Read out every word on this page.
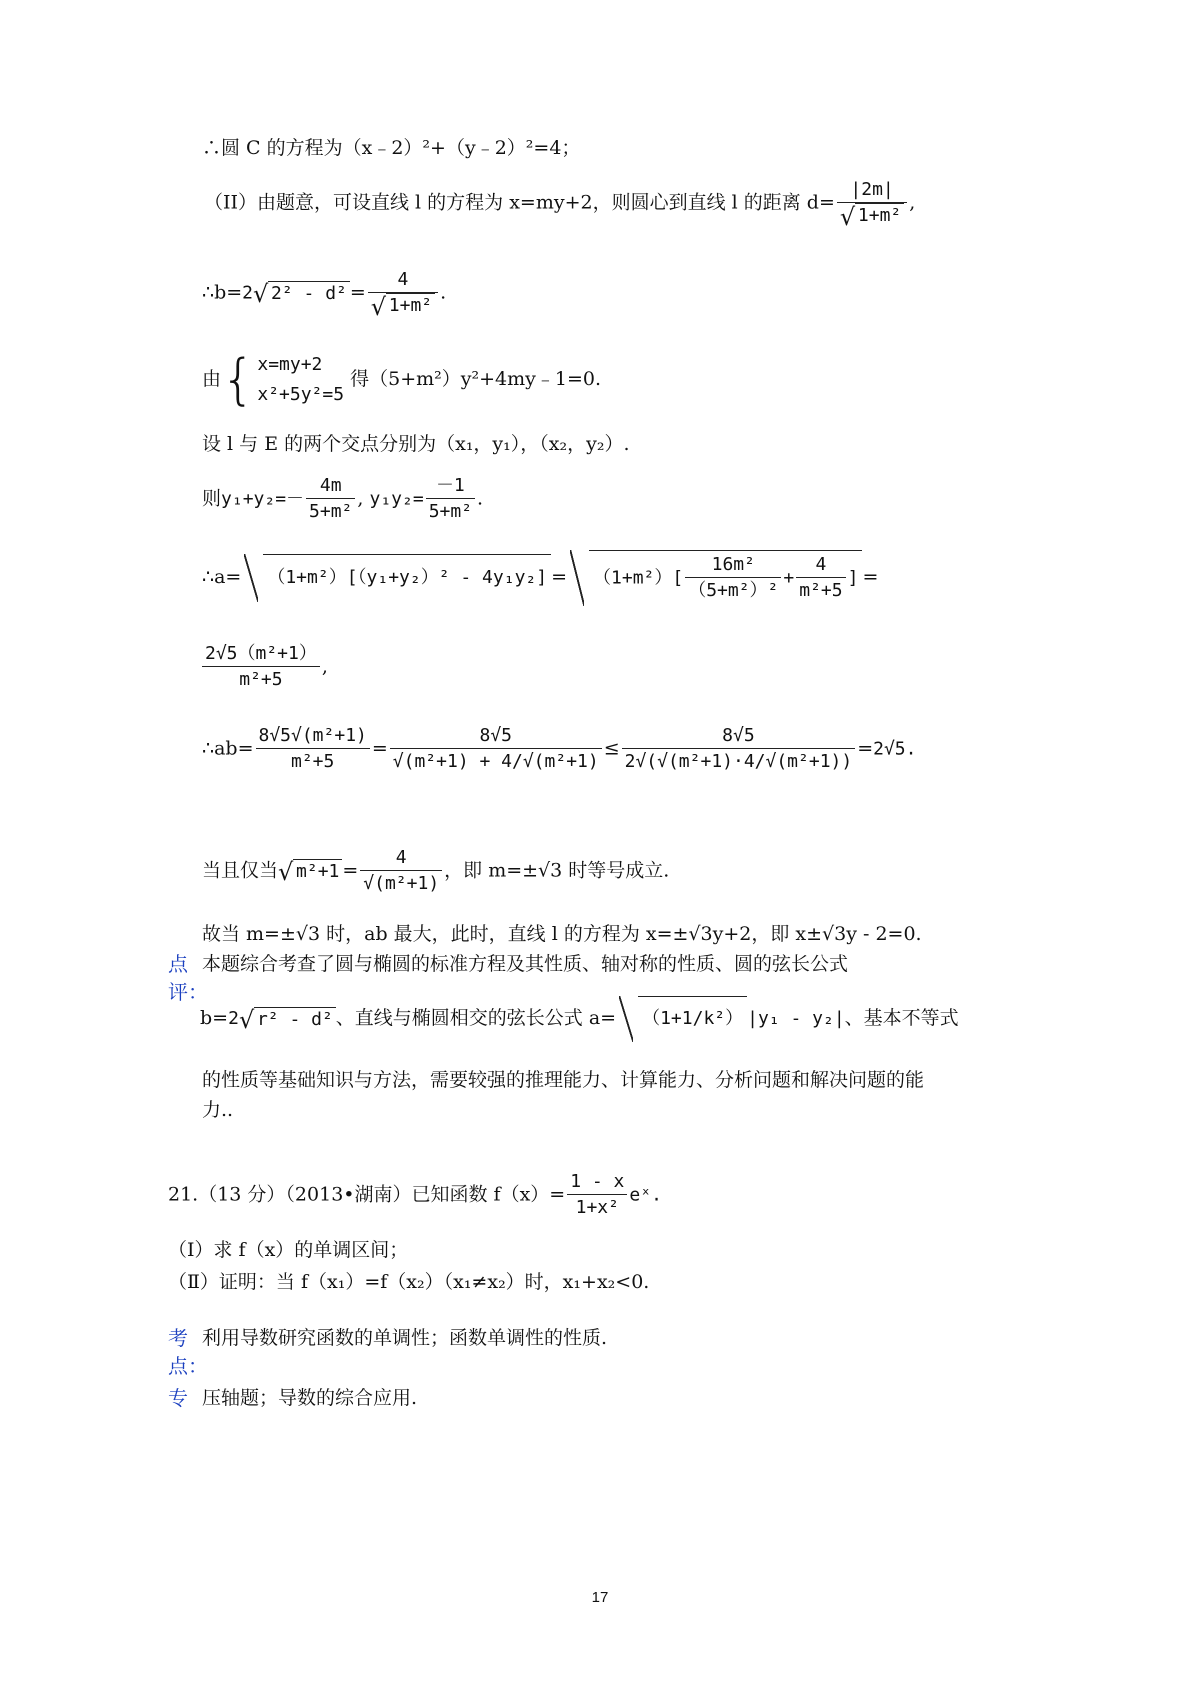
∴圆 C 的方程为（x﹣2）²+（y﹣2）²=4；
（II）由题意，可设直线 l 的方程为 x=my+2，则圆心到直线 l 的距离 d= |2m|
√ 1+m² ,
∴b=2 √ 2² - d² = 4
√ 1+m² .
由{ x=my+2
x²+5y²=5
得（5+m²）y²+4my﹣1=0.
设 l 与 E 的两个交点分别为（x₁，y₁），（x₂，y₂）.
则$y_1+y_2=- \frac{4m}{\text{5+m²}}$ , $y_1y_2= \frac{-1}{\text{5+m²}}$ .
∴a= $(1+m^2)[(y_1+y_2)^2 - 4y_1y_2] = (1+m^2)[ \frac{\text{16m²}}{\text{（5+m²）²}} + \frac{4}{\text{m²+5}}$ ] =
$\frac{\text{2√5（m²+1）}}{\text{m²+5}}$ ,
∴ab= $\frac{\text{8√5√(m²+1)}}{\text{m²+5}} = \frac{8√5}{\text{√(m²+1) + 4/√(m²+1)}} \le \frac{8√5}{\text{2√(√(m²+1)·4/√(m²+1))}} =2√5$.
当且仅当 √ $m^2+1 = \frac{4}{\text{√(m²+1)}}$ ，即 m=±√3 时等号成立.
故当 m=±√3 时，ab 最大，此时，直线 l 的方程为 x=±√3y+2，即 x±√3y - 2=0.
点
评：
本题综合考查了圆与椭圆的标准方程及其性质、轴对称的性质、圆的弦长公式
b=2 √ r² - d² 、直线与椭圆相交的弦长公式 a= （1+1/k²） |y₁ - y₂|、基本不等式
的性质等基础知识与方法，需要较强的推理能力、计算能力、分析问题和解决问题的能
力..
21.（13 分）（2013•湖南）已知函数 $f(x)= \frac{1 - x}{\text{1+x²}}$ eˣ.
（Ⅰ）求 f（x）的单调区间；
（Ⅱ）证明：当 f（x₁）=f（x₂）（x₁≠x₂）时，x₁+x₂<0.
考
点：
利用导数研究函数的单调性；函数单调性的性质.
专 压轴题；导数的综合应用.
17
